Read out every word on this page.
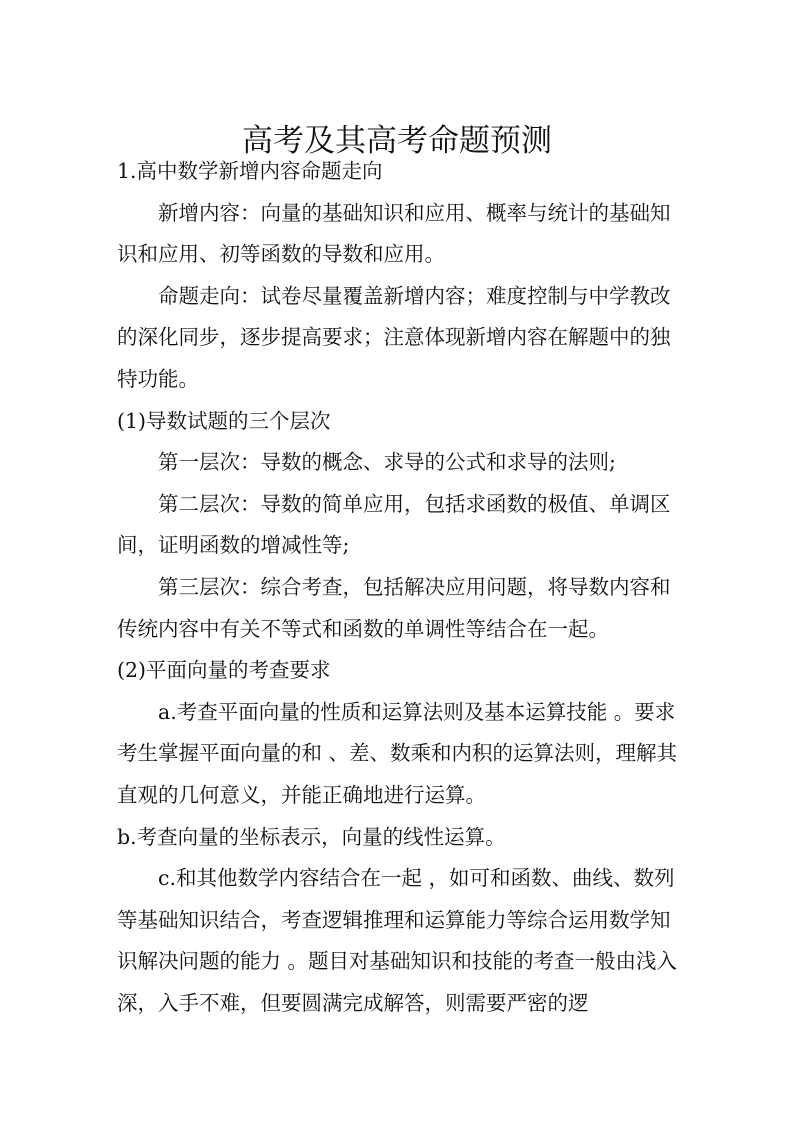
高考及其高考命题预测

1.高中数学新增内容命题走向

新增内容：向量的基础知识和应用、概率与统计的基础知识和应用、初等函数的导数和应用。

命题走向：试卷尽量覆盖新增内容；难度控制与中学教改的深化同步，逐步提高要求；注意体现新增内容在解题中的独特功能。

(1)导数试题的三个层次

第一层次：导数的概念、求导的公式和求导的法则;

第二层次：导数的简单应用，包括求函数的极值、单调区间，证明函数的增减性等;

第三层次：综合考查，包括解决应用问题，将导数内容和传统内容中有关不等式和函数的单调性等结合在一起。

(2)平面向量的考查要求

a.考查平面向量的性质和运算法则及基本运算技能 。要求考生掌握平面向量的和 、差、数乘和内积的运算法则，理解其直观的几何意义，并能正确地进行运算。

b.考查向量的坐标表示，向量的线性运算。

c.和其他数学内容结合在一起 ，如可和函数、曲线、数列等基础知识结合，考查逻辑推理和运算能力等综合运用数学知识解决问题的能力 。题目对基础知识和技能的考查一般由浅入深，入手不难，但要圆满完成解答，则需要严密的逻
